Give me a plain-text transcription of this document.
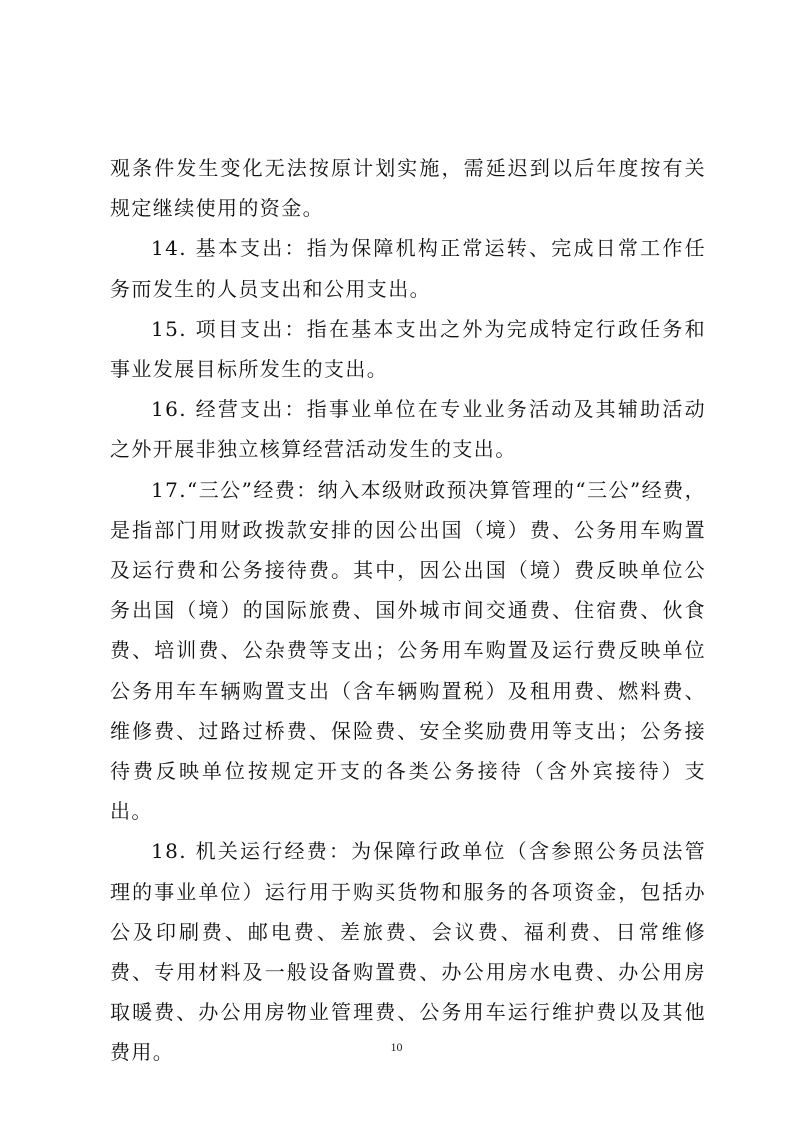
观条件发生变化无法按原计划实施，需延迟到以后年度按有关规定继续使用的资金。

14. 基本支出：指为保障机构正常运转、完成日常工作任务而发生的人员支出和公用支出。

15. 项目支出：指在基本支出之外为完成特定行政任务和事业发展目标所发生的支出。

16. 经营支出：指事业单位在专业业务活动及其辅助活动之外开展非独立核算经营活动发生的支出。

17.“三公”经费：纳入本级财政预决算管理的“三公”经费，是指部门用财政拨款安排的因公出国（境）费、公务用车购置及运行费和公务接待费。其中，因公出国（境）费反映单位公务出国（境）的国际旅费、国外城市间交通费、住宿费、伙食费、培训费、公杂费等支出；公务用车购置及运行费反映单位公务用车车辆购置支出（含车辆购置税）及租用费、燃料费、维修费、过路过桥费、保险费、安全奖励费用等支出；公务接待费反映单位按规定开支的各类公务接待（含外宾接待）支出。

18. 机关运行经费：为保障行政单位（含参照公务员法管理的事业单位）运行用于购买货物和服务的各项资金，包括办公及印刷费、邮电费、差旅费、会议费、福利费、日常维修费、专用材料及一般设备购置费、办公用房水电费、办公用房取暖费、办公用房物业管理费、公务用车运行维护费以及其他费用。	10
